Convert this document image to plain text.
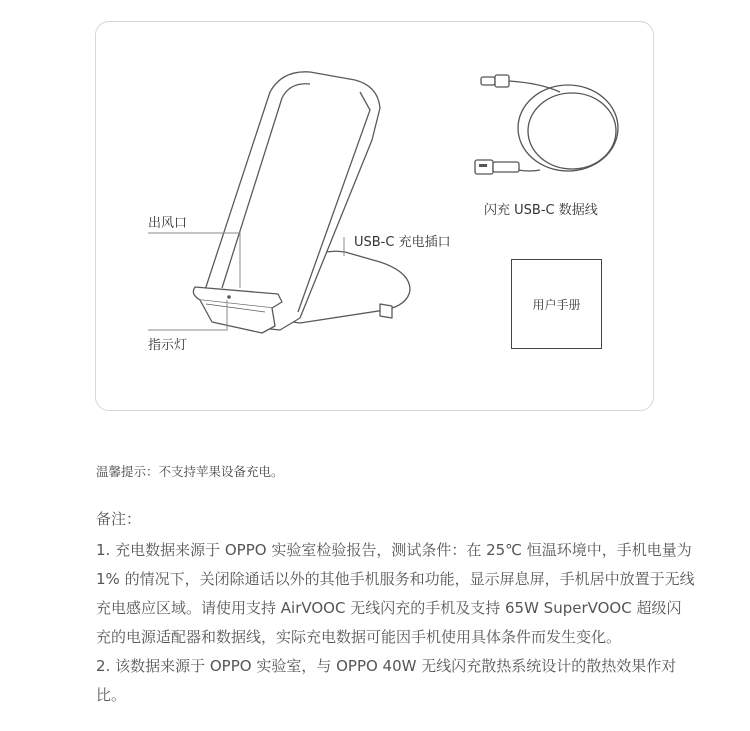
出风口
USB-C 充电插口
指示灯
闪充 USB-C 数据线
用户手册
温馨提示：不支持苹果设备充电。
备注：

1. 充电数据来源于 OPPO 实验室检验报告，测试条件：在 25℃ 恒温环境中，手机电量为 1% 的情况下，关闭除通话以外的其他手机服务和功能，显示屏息屏，手机居中放置于无线充电感应区域。请使用支持 AirVOOC 无线闪充的手机及支持 65W SuperVOOC 超级闪充的电源适配器和数据线，实际充电数据可能因手机使用具体条件而发生变化。

2. 该数据来源于 OPPO 实验室，与 OPPO 40W 无线闪充散热系统设计的散热效果作对比。
